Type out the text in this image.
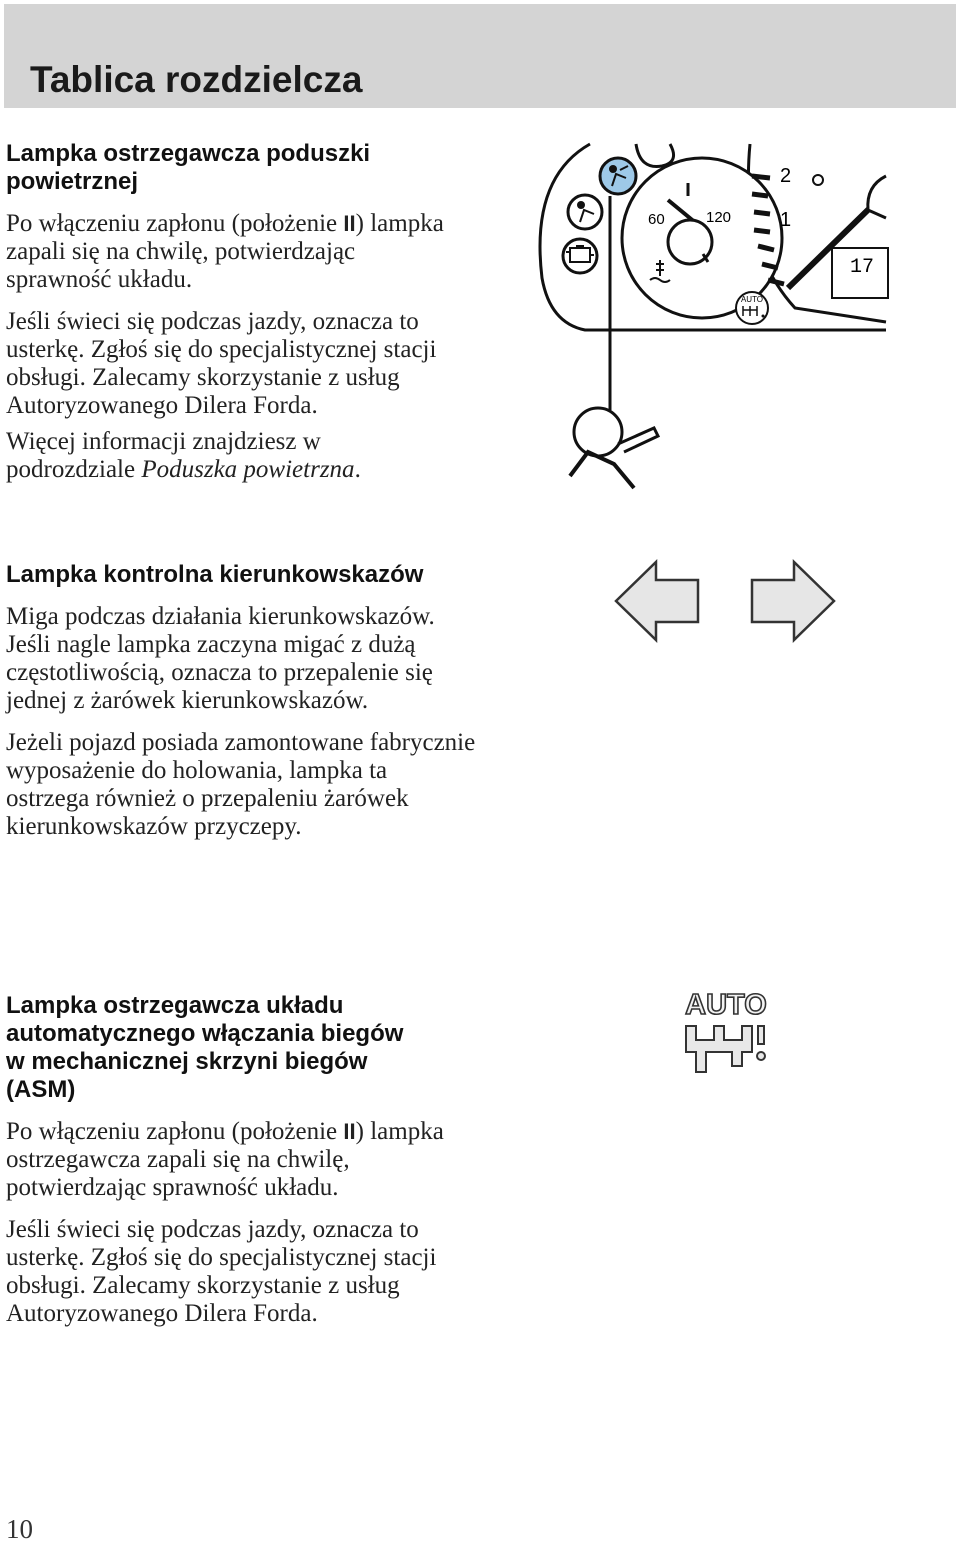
Tablica rozdzielcza

Lampka ostrzegawcza poduszki
powietrznej

Po włączeniu zapłonu (położenie II) lampka zapali się na chwilę, potwierdzając sprawność układu.

Jeśli świeci się podczas jazdy, oznacza to usterkę. Zgłoś się do specjalistycznej stacji obsługi. Zalecamy skorzystanie z usług Autoryzowanego Dilera Forda.

Więcej informacji znajdziesz w podrozdziale Poduszka powietrzna.

60	120
AUTO
2
1
17

Lampka kontrolna kierunkowskazów

Miga podczas działania kierunkowskazów. Jeśli nagle lampka zaczyna migać z dużą częstotliwością, oznacza to przepalenie się jednej z żarówek kierunkowskazów.

Jeżeli pojazd posiada zamontowane fabrycznie wyposażenie do holowania, lampka ta ostrzega również o przepaleniu żarówek kierunkowskazów przyczepy.

Lampka ostrzegawcza układu
automatycznego włączania biegów
w mechanicznej skrzyni biegów
(ASM)

Po włączeniu zapłonu (położenie II) lampka ostrzegawcza zapali się na chwilę, potwierdzając sprawność układu.

Jeśli świeci się podczas jazdy, oznacza to usterkę. Zgłoś się do specjalistycznej stacji obsługi. Zalecamy skorzystanie z usług Autoryzowanego Dilera Forda.

AUTO
10
